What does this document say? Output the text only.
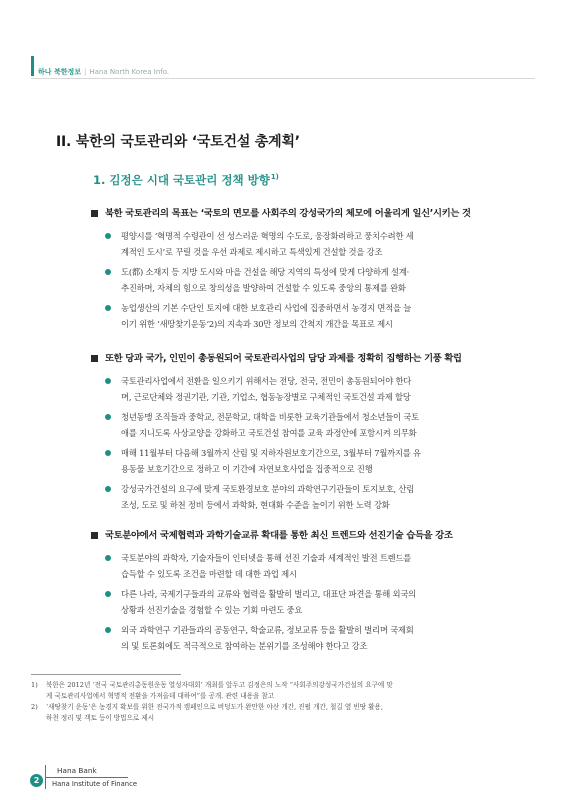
하나 북한정보 | Hana North Korea Info.
II. 북한의 국토관리와 ‘국토건설 총계획’
1. 김정은 시대 국토관리 정책 방향$^{1)}$
북한 국토관리의 목표는 ‘국토의 면모를 사회주의 강성국가의 체모에 어울리게 일신’시키는 것
평양시를 ‘혁명적 수령관이 선 성스러운 혁명의 수도로, 웅장화려하고 풍치수려한 세
계적인 도시’로 꾸릴 것을 우선 과제로 제시하고 특색있게 건설할 것을 강조
도(都) 소재지 등 지방 도시와 마을 건설을 해당 지역의 특성에 맞게 다양하게 설계·
추진하며, 자체의 힘으로 창의성을 발양하여 건설할 수 있도록 중앙의 통제를 완화
농업생산의 기본 수단인 토지에 대한 보호관리 사업에 집중하면서 농경지 면적을 늘
이기 위한 ‘새땅찾기운동’2)의 지속과 30만 정보의 간척지 개간을 목표로 제시
또한 당과 국가, 인민이 총동원되어 국토관리사업의 담당 과제를 정확히 집행하는 기풍 확립
국토관리사업에서 전환을 일으키기 위해서는 전당, 전국, 전민이 총동원되어야 한다
며, 근로단체와 정권기관, 기관, 기업소, 협동농장별로 구체적인 국토건설 과제 할당
청년동맹 조직들과 중학교, 전문학교, 대학을 비롯한 교육기관들에서 청소년들이 국토
애를 지니도록 사상교양을 강화하고 국토건설 참여를 교육 과정안에 포함시켜 의무화
매해 11월부터 다음해 3월까지 산림 및 지하자원보호기간으로, 3월부터 7월까지를 유
용동물 보호기간으로 정하고 이 기간에 자연보호사업을 집중적으로 진행
강성국가건설의 요구에 맞게 국토환경보호 분야의 과학연구기관들이 토지보호, 산림
조성, 도로 및 하천 정비 등에서 과학화, 현대화 수준을 높이기 위한 노력 강화
국토분야에서 국제협력과 과학기술교류 확대를 통한 최신 트렌드와 선진기술 습득을 강조
국토분야의 과학자, 기술자들이 인터넷을 통해 선진 기술과 세계적인 발전 트렌드를
습득할 수 있도록 조건을 마련할 데 대한 과업 제시
다른 나라, 국제기구들과의 교류와 협력을 활발히 벌리고, 대표단 파견을 통해 외국의
상황과 선진기술을 경험할 수 있는 기회 마련도 중요
외국 과학연구 기관들과의 공동연구, 학술교류, 정보교류 등을 활발히 벌리며 국제회
의 및 토론회에도 적극적으로 참여하는 분위기를 조성해야 한다고 강조
1) 북한은 2012년 ‘전국 국토관리총동원운동 열성자대회’ 개최를 앞두고 김정은의 노작 “사회주의강성국가건설의 요구에 맞
게 국토관리사업에서 혁명적 전환을 가져올데 대하여”를 공개. 관련 내용을 참고
2) ‘새땅찾기 운동’은 농경지 확보를 위한 전국가적 캠페인으로 버덩도가 완만한 야산 개간, 진펄 개간, 철길 옆 빈땅 활용,
하천 정리 및 객토 등이 방법으로 제시
2
Hana Bank
Hana Institute of Finance
